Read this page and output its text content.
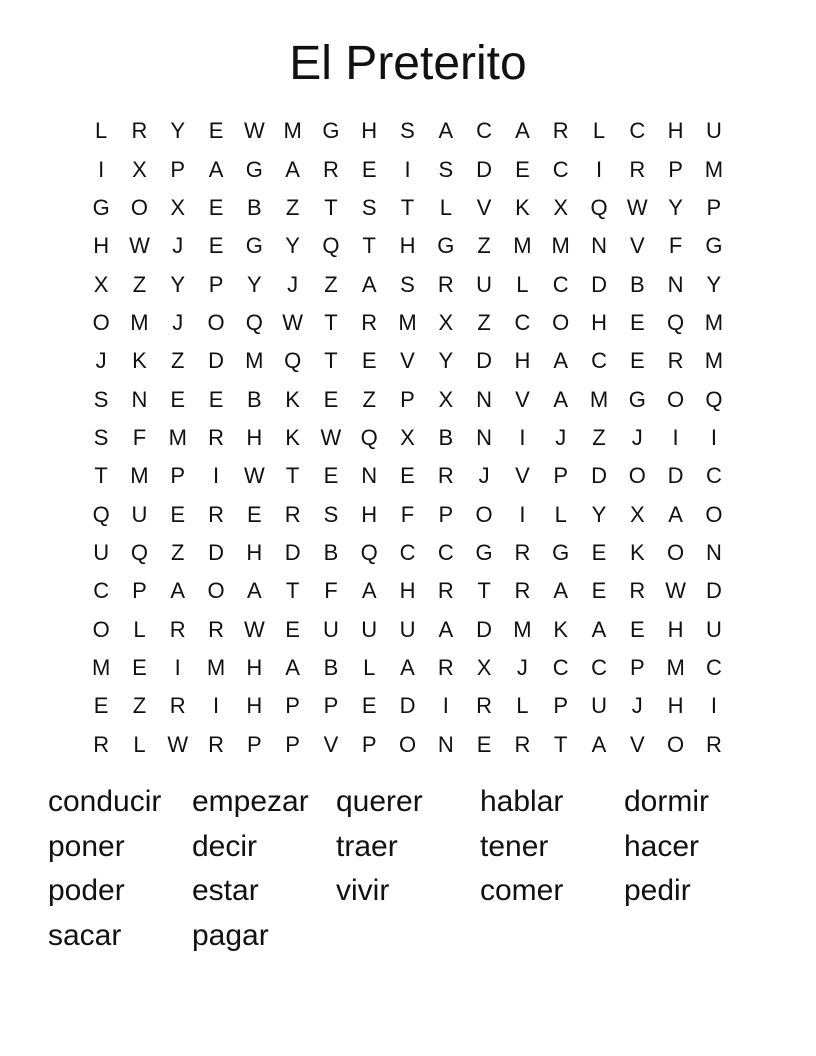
El Preterito
L	R	Y	E W M G H	S	A	C	A	R	L	C	H	U
I	X	P	A	G	A	R	E	I	S	D	E	C	I	R	P M
G O	X	E	B	Z	T	S	T	L	V	K	X	Q W Y	P
H W	J	E	G	Y	Q	T	H G	Z	M M N	V	F	G
X	Z	Y	P	Y	J	Z	A	S	R	U	L	C	D	B	N	Y
O M	J	O Q W T	R M X	Z	C O H	E	Q M
J	K	Z	D M Q	T	E	V	Y	D	H	A	C	E	R M
S	N	E	E	B	K	E	Z	P	X	N	V	A M G O Q
S	F	M R	H	K W Q	X	B	N	I	J	Z	J	I	I
T	M P	I	W T	E	N	E	R	J	V	P	D O D	C
Q U	E	R	E	R	S	H	F	P	O	I	L	Y	X	A	O
U Q	Z	D	H	D	B	Q C	C G R G	E	K	O N
C	P	A	O	A	T	F	A	H	R	T	R	A	E	R W D
O	L	R	R W E	U	U	U	A	D M K	A	E	H	U
M E	I	M H	A	B	L	A	R	X	J	C	C	P M C
E	Z	R	I	H	P	P	E	D	I	R	L	P	U	J	H	I
R	L W R	P	P	V	P	O N	E	R	T	A	V	O R
conducir	empezar querer	hablar	dormir
poner	decir	traer	tener	hacer
poder	estar	vivir	comer	pedir
sacar	pagar
